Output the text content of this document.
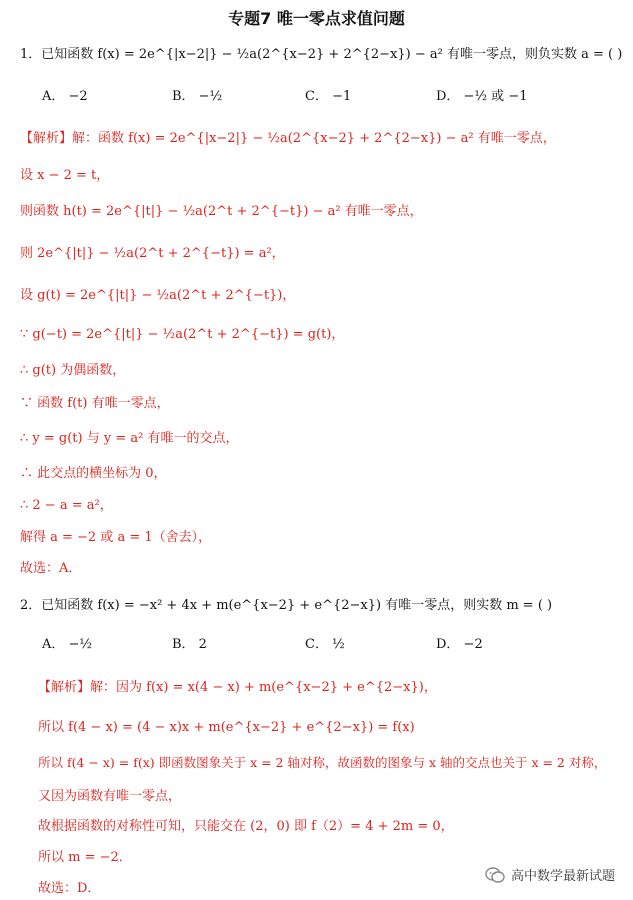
专题7 唯一零点求值问题
1．已知函数 f(x) = 2e^{|x−2|} − ½a(2^{x−2} + 2^{2−x}) − a² 有唯一零点，则负实数 a = ( )
A． −2	B． −½	C． −1	D． −½ 或 −1
【解析】解：函数 f(x) = 2e^{|x−2|} − ½a(2^{x−2} + 2^{2−x}) − a² 有唯一零点，
设 x − 2 = t，
则函数 h(t) = 2e^{|t|} − ½a(2^t + 2^{−t}) − a² 有唯一零点，
则 2e^{|t|} − ½a(2^t + 2^{−t}) = a²，
设 g(t) = 2e^{|t|} − ½a(2^t + 2^{−t})，
∵ g(−t) = 2e^{|t|} − ½a(2^t + 2^{−t}) = g(t)，
∴ g(t) 为偶函数，
∵ 函数 f(t) 有唯一零点，
∴ y = g(t) 与 y = a² 有唯一的交点，
∴ 此交点的横坐标为 0，
∴ 2 − a = a²，
解得 a = −2 或 a = 1（舍去），
故选：A．
2．已知函数 f(x) = −x² + 4x + m(e^{x−2} + e^{2−x}) 有唯一零点，则实数 m = ( )
A． −½	B． 2	C． ½	D． −2
【解析】解：因为 f(x) = x(4 − x) + m(e^{x−2} + e^{2−x})，
所以 f(4 − x) = (4 − x)x + m(e^{x−2} + e^{2−x}) = f(x)
所以 f(4 − x) = f(x) 即函数图象关于 x = 2 轴对称，故函数的图象与 x 轴的交点也关于 x = 2 对称，
又因为函数有唯一零点，
故根据函数的对称性可知，只能交在 (2，0) 即 f（2）= 4 + 2m = 0，
所以 m = −2．
故选：D．
高中数学最新试题
